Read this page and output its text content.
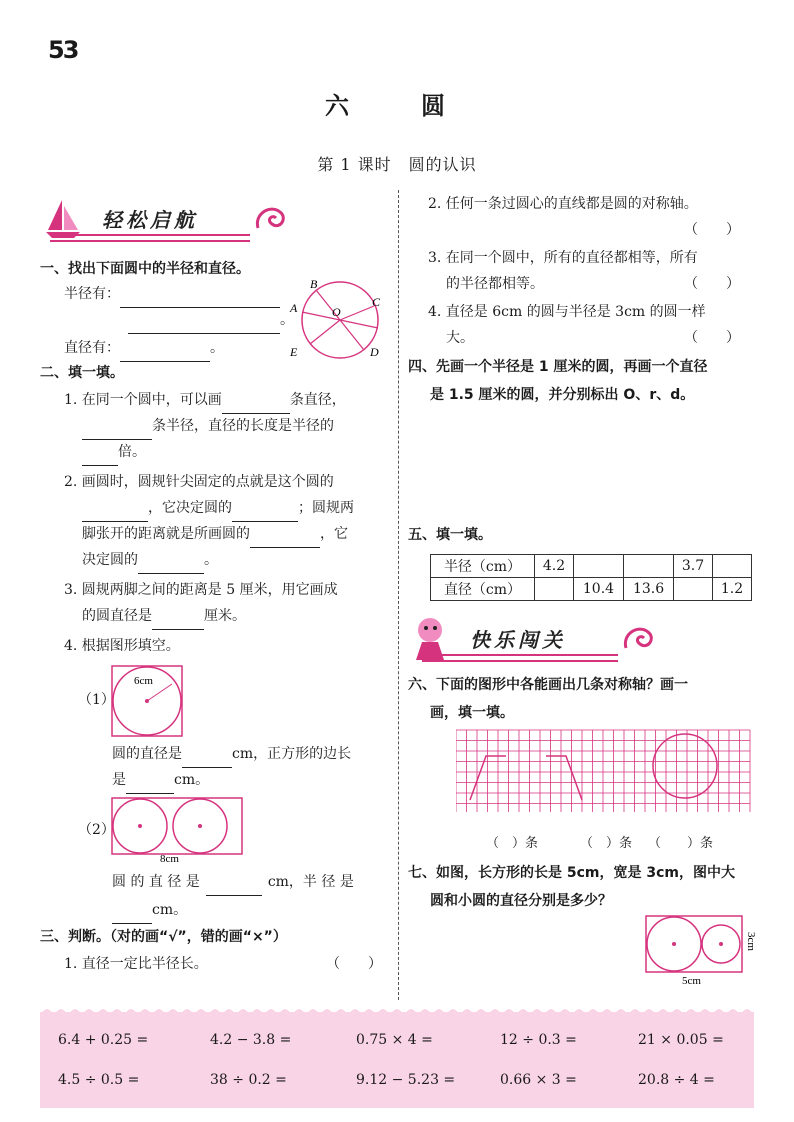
53
六　圆
第 1 课时　圆的认识
轻松启航
一、找出下面圆中的半径和直径。
半径有：
。
直径有：	。
A
B
C
D
E
O
二、填一填。
1. 在同一个圆中，可以画	条直径，
条半径，直径的长度是半径的
倍。
2. 画圆时，圆规针尖固定的点就是这个圆的
，它决定圆的	；圆规两
脚张开的距离就是所画圆的	，它
决定圆的	。
3. 圆规两脚之间的距离是 5 厘米，用它画成
的圆直径是	厘米。
4. 根据图形填空。
（1）
6cm
圆的直径是	cm，正方形的边长
是	cm。
（2）
8cm
圆 的 直 径 是	cm，半 径 是
cm。
三、判断。（对的画“√”，错的画“×”）
1. 直径一定比半径长。	（　　）
2. 任何一条过圆心的直线都是圆的对称轴。
（　　）
3. 在同一个圆中，所有的直径都相等，所有
的半径都相等。	（　　）
4. 直径是 6cm 的圆与半径是 3cm 的圆一样
大。	（　　）
四、先画一个半径是 1 厘米的圆，再画一个直径
是 1.5 厘米的圆，并分别标出 O、r、d。
五、填一填。
半径（cm）	4.2			3.7	
直径（cm）		10.4	13.6		1.2
快乐闯关
六、下面的图形中各能画出几条对称轴？画一
画，填一填。
（　）条	（　）条 （　　）条
七、如图，长方形的长是 5cm，宽是 3cm，图中大
圆和小圆的直径分别是多少？
5cm
3cm
6.4 + 0.25 =	4.2 − 3.8 =	0.75 × 4 =	12 ÷ 0.3 =	21 × 0.05 =
4.5 ÷ 0.5 =	38 ÷ 0.2 =	9.12 − 5.23 =	0.66 × 3 =	20.8 ÷ 4 =
